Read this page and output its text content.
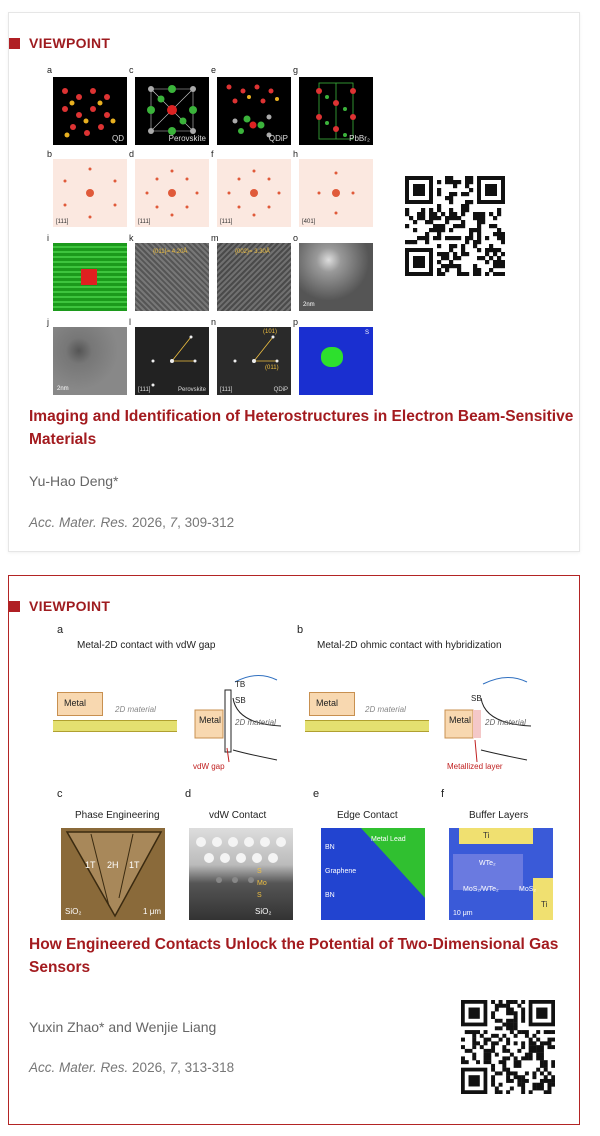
VIEWPOINT
a	c	e	g
QD	Perovskite	QDiP	PbBr₂
b	d	f	h
[111]	[111]	[111]	[401]
i	k	m	o
{011}= 4.20Å	{002}= 3.30Å
2nm
j	l	n	p
2nm	[111]	Perovskite
(101)
(011)
[111]	QDiP
S
Imaging and Identification of Heterostructures in Electron Beam-Sensitive
Materials
Yu-Hao Deng*
Acc. Mater. Res. 2026, 7, 309-312
VIEWPOINT
a
Metal-2D contact with vdW gap
Metal
2D material
Metal
TB
SB
2D material
vdW gap
b
Metal-2D ohmic contact with hybridization
Metal
2D material
Metal
SB
2D material
Metallized layer
c
Phase Engineering
1T 2H 1T
SiO₂	1 μm
d
vdW Contact
S
Mo
S
SiO₂
e
Edge Contact
BN
Graphene
BN
Metal Lead
f
Buffer Layers
Ti
WTe₂
MoS₂/WTe₂	MoS₂
Ti
10 μm
How Engineered Contacts Unlock the Potential of Two-Dimensional Gas
Sensors
Yuxin Zhao* and Wenjie Liang
Acc. Mater. Res. 2026, 7, 313-318
